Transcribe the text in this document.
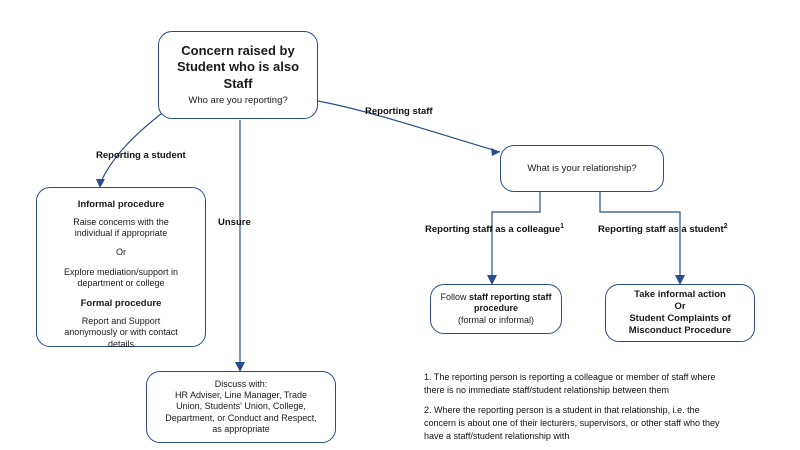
Concern raised by
Student who is also
Staff
Who are you reporting?
What is your relationship?
Informal procedure
Raise concerns with the
individual if appropriate
Or
Explore mediation/support in
department or college
Formal procedure
Report and Support
anonymously or with contact
details
Discuss with:
HR Adviser, Line Manager, Trade
Union, Students' Union, College,
Department, or Conduct and Respect,
as appropriate
Follow staff reporting staff
procedure
(formal or informal)
Take informal action
Or
Student Complaints of
Misconduct Procedure
Reporting staff
Reporting a student
Unsure
Reporting staff as a colleague$^1$	Reporting staff as a student$^2$
1. The reporting person is reporting a colleague or member of staff where
there is no immediate staff/student relationship between them
2. Where the reporting person is a student in that relationship, i.e. the
concern is about one of their lecturers, supervisors, or other staff who they
have a staff/student relationship with
